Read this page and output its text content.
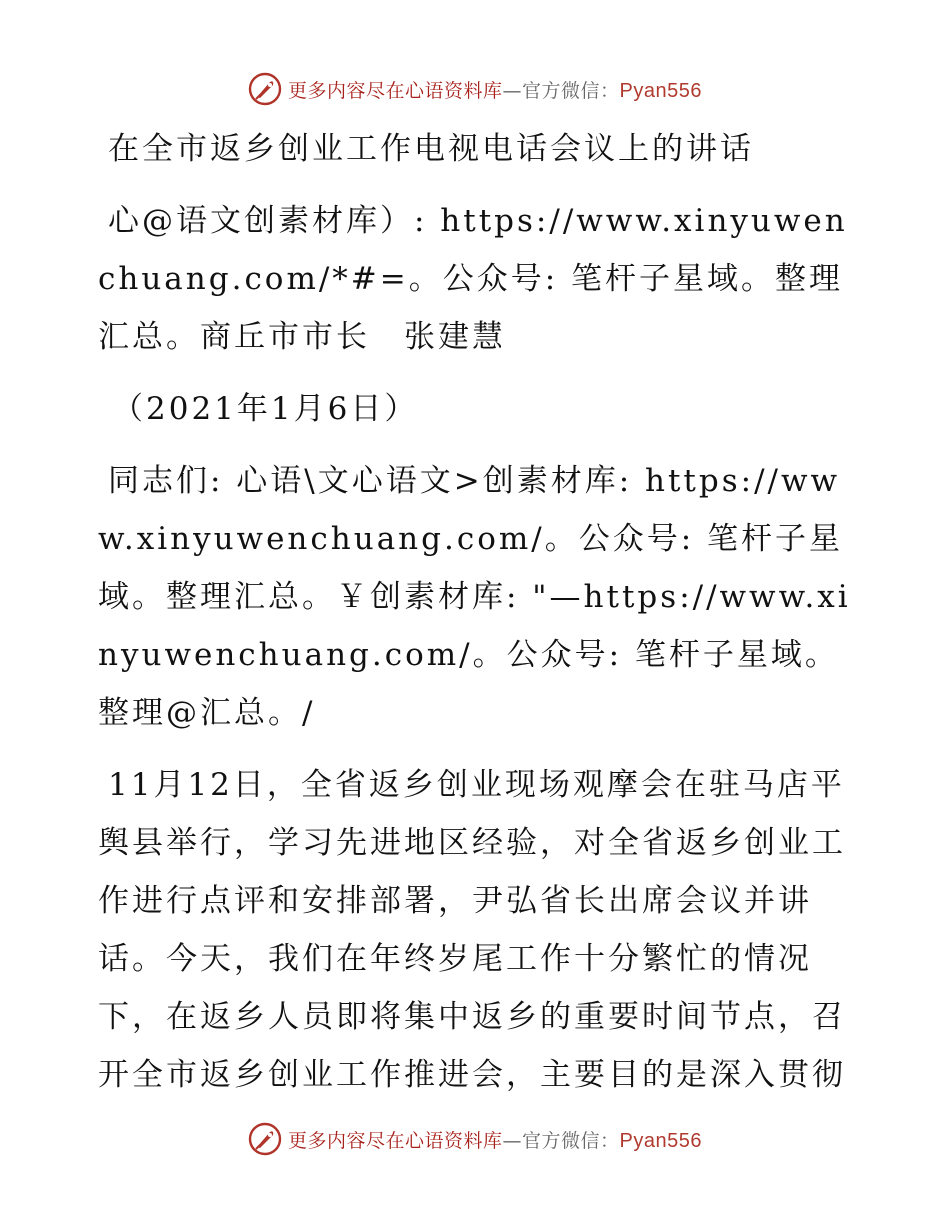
更多内容尽在心语资料库—官方微信：Pyan556

在全市返乡创业工作电视电话会议上的讲话

心@语文创素材库）: https://www.xinyuwenchuang.com/*#=。公众号: 笔杆子星域。整理汇总。商丘市市长　张建慧

（2021年1月6日）

同志们: 心语\文心语文>创素材库: https://www.xinyuwenchuang.com/。公众号: 笔杆子星域。整理汇总。￥创素材库: "—https://www.xinyuwenchuang.com/。公众号: 笔杆子星域。整理@汇总。/

11月12日，全省返乡创业现场观摩会在驻马店平舆县举行，学习先进地区经验，对全省返乡创业工作进行点评和安排部署，尹弘省长出席会议并讲话。今天，我们在年终岁尾工作十分繁忙的情况下，在返乡人员即将集中返乡的重要时间节点，召开全市返乡创业工作推进会，主要目的是深入贯彻

更多内容尽在心语资料库—官方微信：Pyan556
